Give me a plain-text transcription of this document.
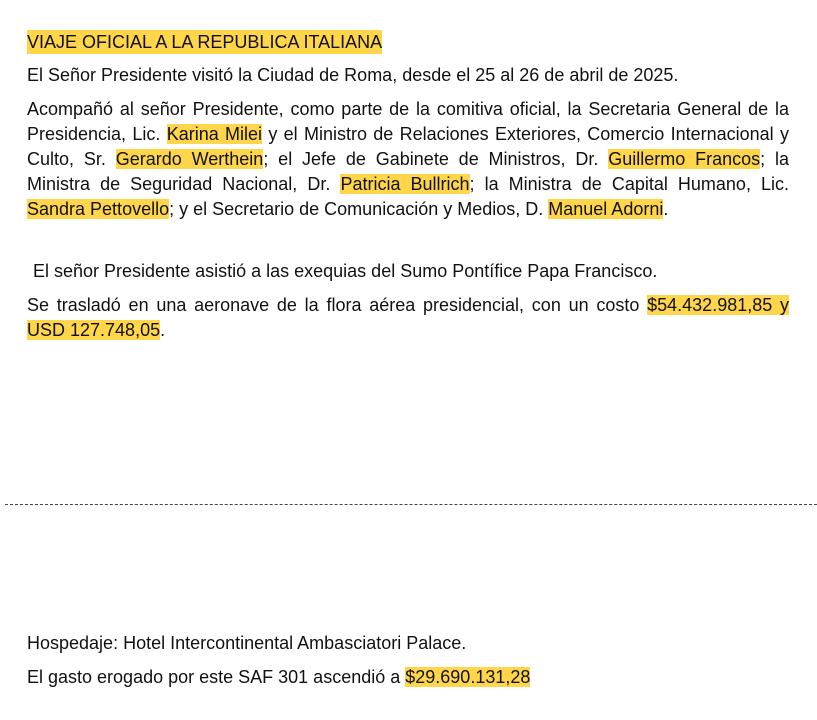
VIAJE OFICIAL A LA REPUBLICA ITALIANA

El Señor Presidente visitó la Ciudad de Roma, desde el 25 al 26 de abril de 2025.

Acompañó al señor Presidente, como parte de la comitiva oficial, la Secretaria General de la Presidencia, Lic. Karina Milei y el Ministro de Relaciones Exteriores, Comercio Internacional y Culto, Sr. Gerardo Werthein; el Jefe de Gabinete de Ministros, Dr. Guillermo Francos; la Ministra de Seguridad Nacional, Dr. Patricia Bullrich; la Ministra de Capital Humano, Lic. Sandra Pettovello; y el Secretario de Comunicación y Medios, D. Manuel Adorni.

El señor Presidente asistió a las exequias del Sumo Pontífice Papa Francisco.

Se trasladó en una aeronave de la flora aérea presidencial, con un costo $54.432.981,85 y USD 127.748,05.

Hospedaje: Hotel Intercontinental Ambasciatori Palace.

El gasto erogado por este SAF 301 ascendió a $29.690.131,28
